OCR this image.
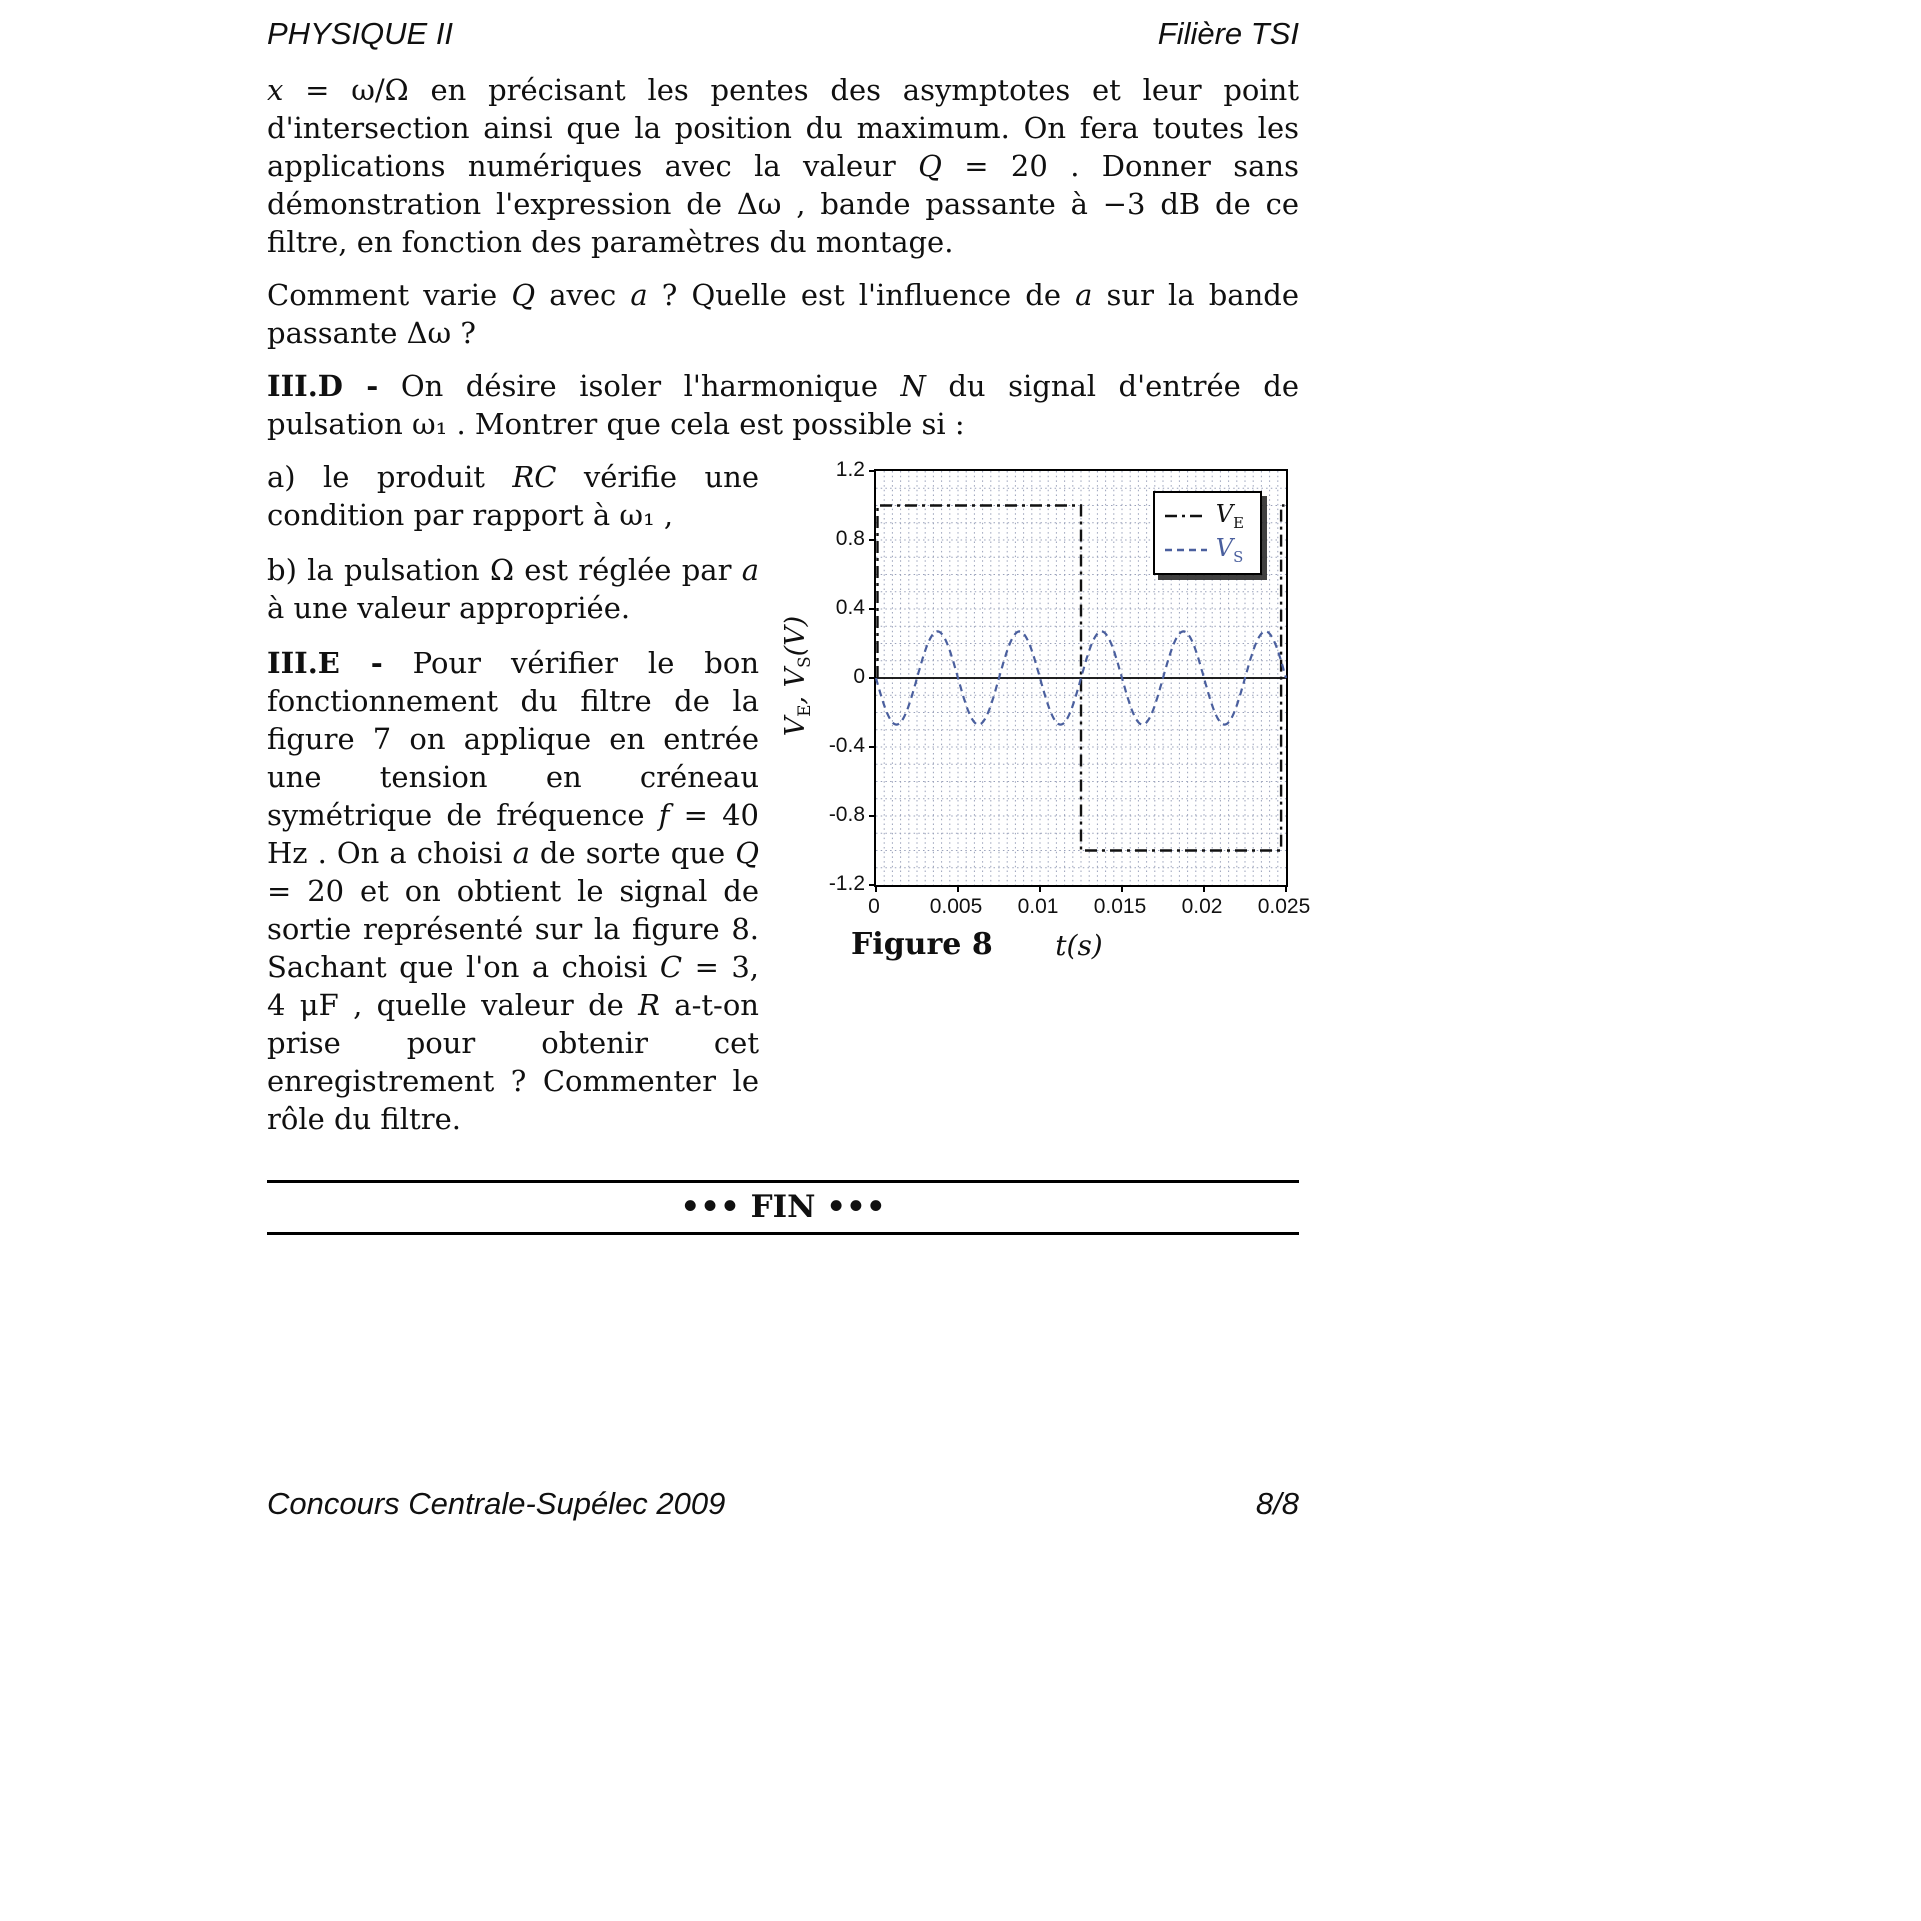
PHYSIQUE II	Filière TSI

x = ω/Ω en précisant les pentes des asymptotes et leur point d'intersection ainsi que la position du maximum. On fera toutes les applications numériques avec la valeur Q = 20 . Donner sans démonstration l'expression de Δω , bande passante à −3 dB de ce filtre, en fonction des paramètres du montage.

Comment varie Q avec a ? Quelle est l'influence de a sur la bande passante Δω ?

III.D - On désire isoler l'harmonique N du signal d'entrée de pulsation ω₁ . Montrer que cela est possible si :

a) le produit RC vérifie une condition par rapport à ω₁ ,

b) la pulsation Ω est réglée par a à une valeur appropriée.

III.E - Pour vérifier le bon fonctionnement du filtre de la figure 7 on applique en entrée une tension en créneau symétrique de fréquence f = 40 Hz . On a choisi a de sorte que Q = 20 et on obtient le signal de sortie représenté sur la figure 8. Sachant que l'on a choisi C = 3, 4 μF , quelle valeur de R a-t-on prise pour obtenir cet enregistrement ? Commenter le rôle du filtre.

$V_E$, $V_S(V)$
1.2
0.8
0.4
0
-0.4
-0.8
-1.2
$V_E$
$V_S$
0 0.005 0.01 0.015 0.02 0.025
Figure 8	t(s)
••• FIN •••
Concours Centrale-Supélec 2009	8/8
